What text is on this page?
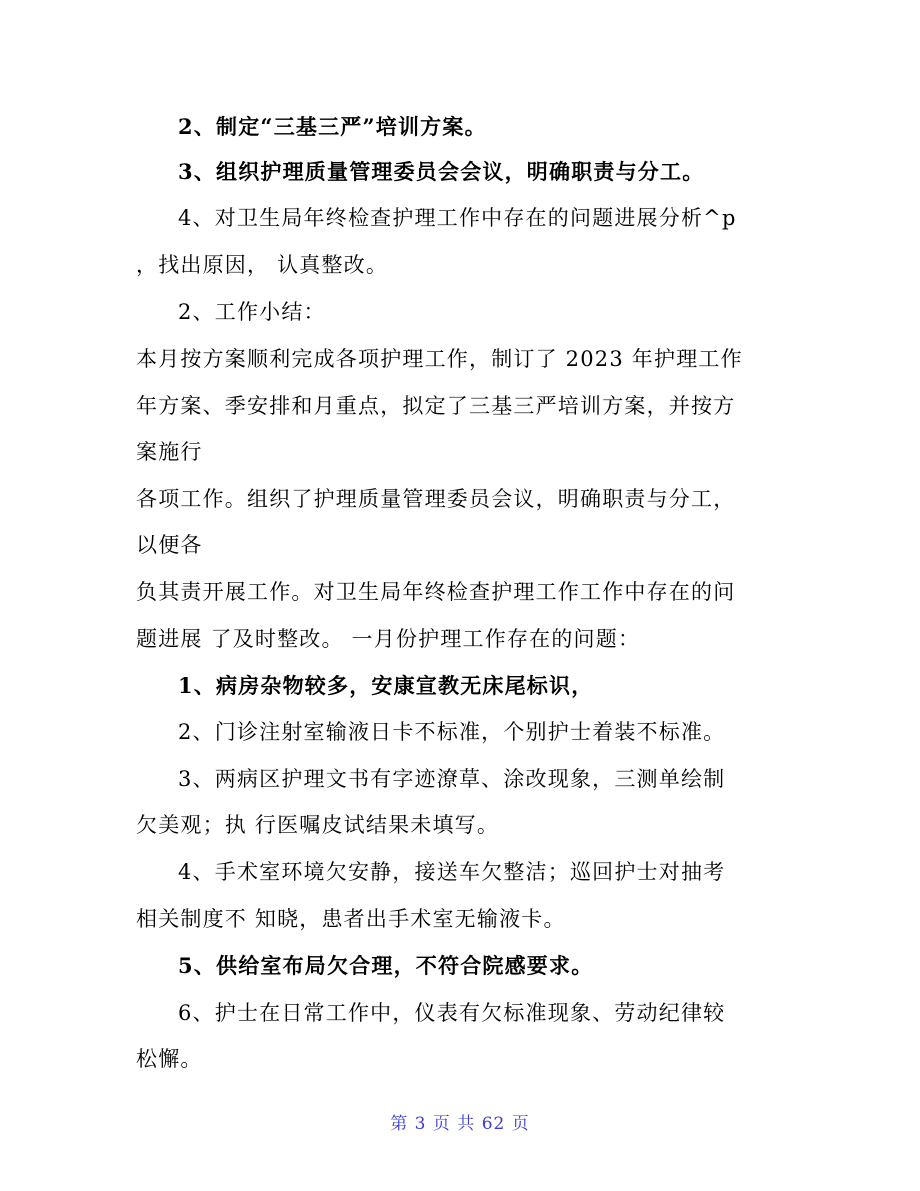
2、制定“三基三严”培训方案。
3、组织护理质量管理委员会会议，明确职责与分工。
4、对卫生局年终检查护理工作中存在的问题进展分析^p
，找出原因， 认真整改。
2、工作小结：
本月按方案顺利完成各项护理工作，制订了 2023 年护理工作
年方案、季安排和月重点，拟定了三基三严培训方案，并按方
案施行
各项工作。组织了护理质量管理委员会议，明确职责与分工，
以便各
负其责开展工作。对卫生局年终检查护理工作工作中存在的问
题进展 了及时整改。 一月份护理工作存在的问题：
1、病房杂物较多，安康宣教无床尾标识，
2、门诊注射室输液日卡不标准，个别护士着装不标准。
3、两病区护理文书有字迹潦草、涂改现象，三测单绘制
欠美观；执 行医嘱皮试结果未填写。
4、手术室环境欠安静，接送车欠整洁；巡回护士对抽考
相关制度不 知晓，患者出手术室无输液卡。
5、供给室布局欠合理，不符合院感要求。
6、护士在日常工作中，仪表有欠标准现象、劳动纪律较
松懈。
第 3 页 共 62 页
